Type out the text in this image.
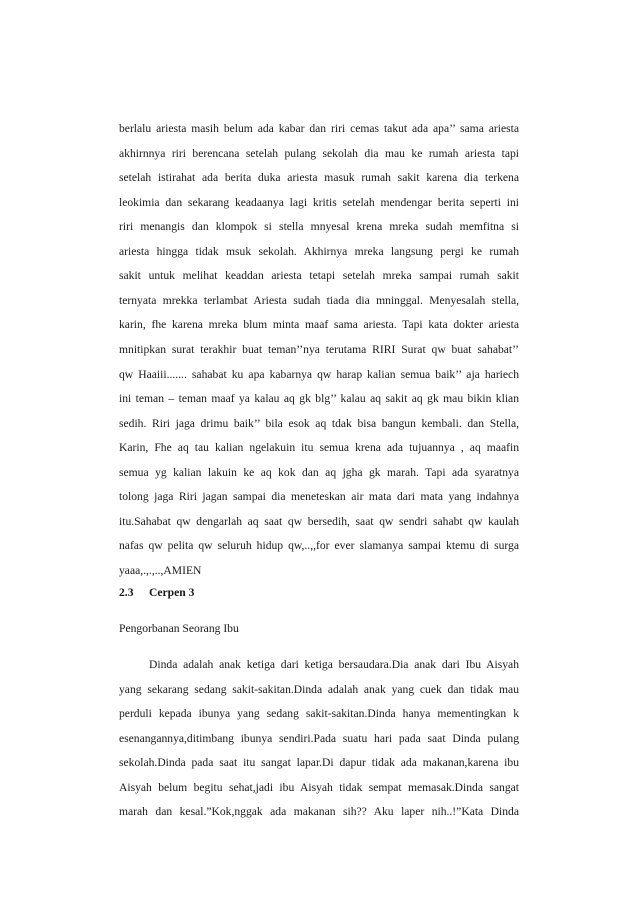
berlalu ariesta masih belum ada kabar dan riri cemas takut ada apa’’ sama ariesta
akhirnnya riri berencana setelah pulang sekolah dia mau ke rumah ariesta tapi
setelah istirahat ada berita duka ariesta masuk rumah sakit karena dia terkena
leokimia dan sekarang keadaanya lagi kritis setelah mendengar berita seperti ini
riri menangis dan klompok si stella mnyesal krena mreka sudah memfitna si
ariesta hingga tidak msuk sekolah. Akhirnya mreka langsung pergi ke rumah
sakit untuk melihat keaddan ariesta tetapi setelah mreka sampai rumah sakit
ternyata mrekka terlambat Ariesta sudah tiada dia mninggal. Menyesalah stella,
karin, fhe karena mreka blum minta maaf sama ariesta. Tapi kata dokter ariesta
mnitipkan surat terakhir buat teman’’nya terutama RIRI Surat qw buat sahabat’’
qw Haaiii....... sahabat ku apa kabarnya qw harap kalian semua baik’’ aja hariech
ini teman – teman maaf ya kalau aq gk blg’’ kalau aq sakit aq gk mau bikin klian
sedih. Riri jaga drimu baik’’ bila esok aq tdak bisa bangun kembali. dan Stella,
Karin, Fhe aq tau kalian ngelakuin itu semua krena ada tujuannya , aq maafin
semua yg kalian lakuin ke aq kok dan aq jgha gk marah. Tapi ada syaratnya
tolong jaga Riri jagan sampai dia meneteskan air mata dari mata yang indahnya
itu.Sahabat qw dengarlah aq saat qw bersedih, saat qw sendri sahabt qw kaulah
nafas qw pelita qw seluruh hidup qw,..,,for ever slamanya sampai ktemu di surga
yaaa,.,.,..,AMIEN
2.3 Cerpen 3
Pengorbanan Seorang Ibu
Dinda adalah anak ketiga dari ketiga bersaudara.Dia anak dari Ibu Aisyah
yang sekarang sedang sakit-sakitan.Dinda adalah anak yang cuek dan tidak mau
perduli kepada ibunya yang sedang sakit-sakitan.Dinda hanya mementingkan k
esenangannya,ditimbang ibunya sendiri.Pada suatu hari pada saat Dinda pulang
sekolah.Dinda pada saat itu sangat lapar.Di dapur tidak ada makanan,karena ibu
Aisyah belum begitu sehat,jadi ibu Aisyah tidak sempat memasak.Dinda sangat
marah dan kesal.”Kok,nggak ada makanan sih?? Aku laper nih..!”Kata Dinda
